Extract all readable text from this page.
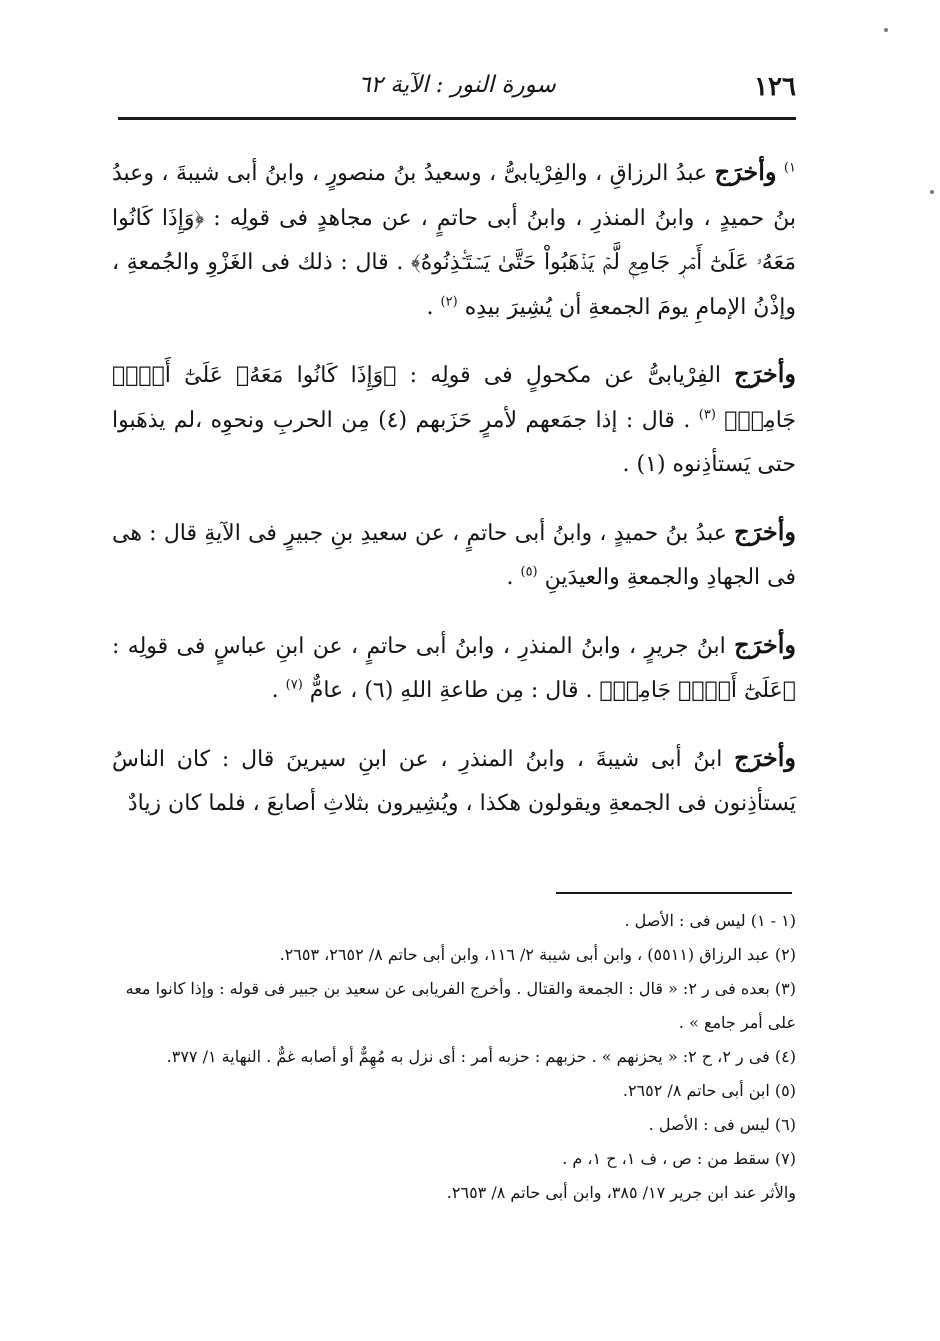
١٢٦
سورة النور : الآية ٦٢

$^{١)}$ وأخرَج عبدُ الرزاقِ ، والفِرْيابىُّ ، وسعيدُ بنُ منصورٍ ، وابنُ أبى شيبةَ ، وعبدُ بنُ حميدٍ ، وابنُ المنذرِ ، وابنُ أبى حاتمٍ ، عن مجاهدٍ فى قولِه : ﴿وَإِذَا كَانُوا مَعَهُۥ عَلَىٰٓ أَمۡرٖ جَامِعٖ لَّمۡ يَذۡهَبُواْ حَتَّىٰ يَسۡتَـٔۡذِنُوهُ﴾ . قال : ذلك فى الغَزْوِ والجُمعةِ ، وإذْنُ الإمامِ يومَ الجمعةِ أن يُشِيرَ بيدِه $^{(٢)}$ .

وأخرَج الفِرْيابىُّ عن مكحولٍ فى قولِه : ﴿وَإِذَا كَانُوا مَعَهُۥ عَلَىٰٓ أَمۡرٖ جَامِعٖ﴾ $^{(٣)}$ . قال : إذا جمَعهم لأمرٍ حَزَبهم (٤) مِن الحربِ ونحوِه ،لم يذهَبوا حتى يَستأذِنوه (١) .

وأخرَج عبدُ بنُ حميدٍ ، وابنُ أبى حاتمٍ ، عن سعيدِ بنِ جبيرٍ فى الآيةِ قال : هى فى الجهادِ والجمعةِ والعيدَينِ $^{(٥)}$ .

وأخرَج ابنُ جريرٍ ، وابنُ المنذرِ ، وابنُ أبى حاتمٍ ، عن ابنِ عباسٍ فى قولِه : ﴿عَلَىٰٓ أَمۡرٖ جَامِعٖ﴾ . قال : مِن طاعةِ اللهِ (٦) ، عامٌّ $^{(٧)}$ .

وأخرَج ابنُ أبى شيبةَ ، وابنُ المنذرِ ، عن ابنِ سيرينَ قال : كان الناسُ يَستأذِنون فى الجمعةِ ويقولون هكذا ، ويُشِيرون بثلاثِ أصابعَ ، فلما كان زيادٌ

(١ - ١) ليس فى : الأصل .

(٢) عبد الرزاق (٥٥١١) ، وابن أبى شيبة ٢/ ١١٦، وابن أبى حاتم ٨/ ٢٦٥٢، ٢٦٥٣.

(٣) بعده فى ر ٢: « قال : الجمعة والقتال . وأخرج الفريابى عن سعيد بن جبير فى قوله : وإذا كانوا معه

على أمر جامع » .

(٤) فى ر ٢، ح ٢: « يحزنهم » . حزبهم : حزبه أمر : أى نزل به مُهِمٌّ أو أصابه غمٌّ . النهاية ١/ ٣٧٧.

(٥) ابن أبى حاتم ٨/ ٢٦٥٢.

(٦) ليس فى : الأصل .

(٧) سقط من : ص ، ف ١، ح ١، م .

والأثر عند ابن جرير ١٧/ ٣٨٥، وابن أبى حاتم ٨/ ٢٦٥٣.
